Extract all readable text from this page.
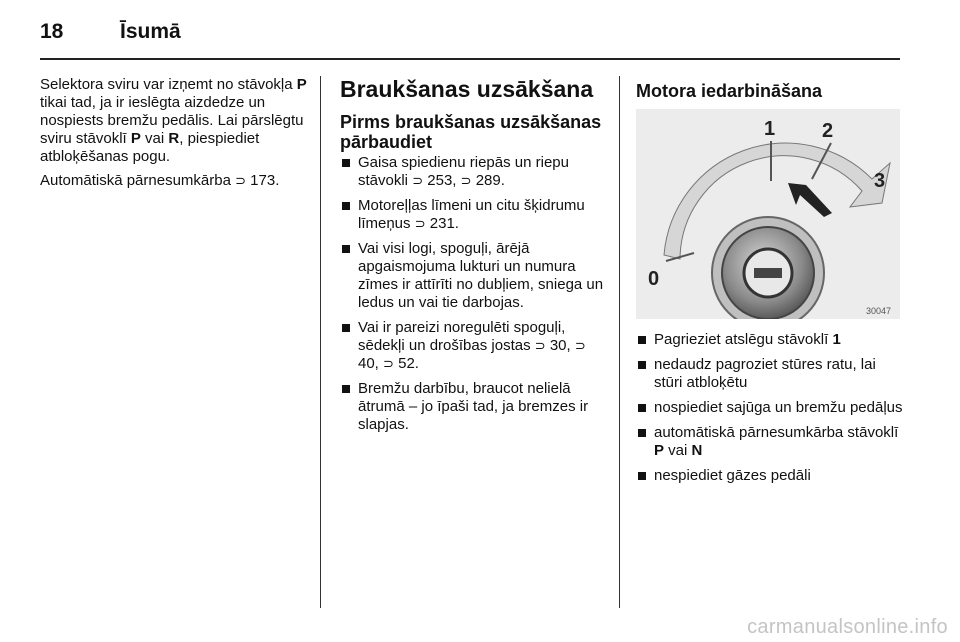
18	Īsumā

Selektora sviru var izņemt no stāvokļa P tikai tad, ja ir ieslēgta aizdedze un nospiests bremžu pedālis. Lai pārslēgtu sviru stāvoklī P vai R, piespiediet atbloķēšanas pogu.

Automātiskā pārnesumkārba ⊃ 173.

Braukšanas uzsākšana
Pirms braukšanas uzsākšanas pārbaudiet
Gaisa spiedienu riepās un riepu stāvokli ⊃ 253, ⊃ 289.
Motoreļļas līmeni un citu šķidrumu līmeņus ⊃ 231.
Vai visi logi, spoguļi, ārējā apgaismojuma lukturi un numura zīmes ir attīrīti no dubļiem, sniega un ledus un vai tie darbojas.
Vai ir pareizi noregulēti spoguļi, sēdekļi un drošības jostas ⊃ 30, ⊃ 40, ⊃ 52.
Bremžu darbību, braucot nelielā ātrumā – jo īpaši tad, ja bremzes ir slapjas.
Motora iedarbināšana
0
1 2
3
30047
Pagrieziet atslēgu stāvoklī 1
nedaudz pagroziet stūres ratu, lai stūri atbloķētu
nospiediet sajūga un bremžu pedāļus
automātiskā pārnesumkārba stāvoklī P vai N
nespiediet gāzes pedāli
carmanualsonline.info
